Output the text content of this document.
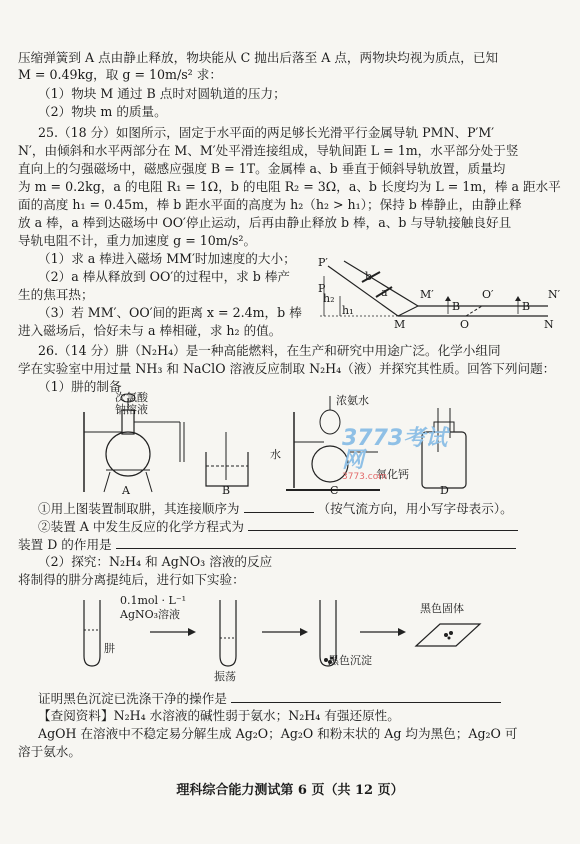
压缩弹簧到 A 点由静止释放，物块能从 C 抛出后落至 A 点，两物块均视为质点，已知
M = 0.49kg，取 g = 10m/s² 求：
（1）物块 M 通过 B 点时对圆轨道的压力；
（2）物块 m 的质量。
25.（18 分）如图所示，固定于水平面的两足够长光滑平行金属导轨 PMN、P′M′
N′，由倾斜和水平两部分在 M、M′处平滑连接组成，导轨间距 L = 1m，水平部分处于竖
直向上的匀强磁场中，磁感应强度 B = 1T。金属棒 a、b 垂直于倾斜导轨放置，质量均
为 m = 0.2kg，a 的电阻 R₁ = 1Ω，b 的电阻 R₂ = 3Ω，a、b 长度均为 L = 1m，棒 a 距水平
面的高度 h₁ = 0.45m，棒 b 距水平面的高度为 h₂（h₂ > h₁）；保持 b 棒静止，由静止释
放 a 棒，a 棒到达磁场中 OO′停止运动，后再由静止释放 b 棒，a、b 与导轨接触良好且
导轨电阻不计，重力加速度 g = 10m/s²。
（1）求 a 棒进入磁场 MM′时加速度的大小；
（2）a 棒从释放到 OO′的过程中，求 b 棒产
生的焦耳热；
（3）若 MM′、OO′间的距离 x = 2.4m，b 棒
进入磁场后，恰好未与 a 棒相碰，求 h₂ 的值。
26.（14 分）肼（N₂H₄）是一种高能燃料，在生产和研究中用途广泛。化学小组同
学在实验室中用过量 NH₃ 和 NaClO 溶液反应制取 N₂H₄（液）并探究其性质。回答下列问题：
（1）肼的制备
P′
P
b
a
h₂
h₁
M′	O′	N′
B	B
M	O	N
次氯酸钠溶液
水
浓氨水
氧化钙
A	B	C	D
①用上图装置制取肼，其连接顺序为	（按气流方向，用小写字母表示）。
②装置 A 中发生反应的化学方程式为
装置 D 的作用是
（2）探究：N₂H₄ 和 AgNO₃ 溶液的反应
将制得的肼分离提纯后，进行如下实验：
0.1mol · L⁻¹
AgNO₃溶液
肼
振荡
黑色沉淀
黑色固体
证明黑色沉淀已洗涤干净的操作是
【查阅资料】N₂H₄ 水溶液的碱性弱于氨水；N₂H₄ 有强还原性。
AgOH 在溶液中不稳定易分解生成 Ag₂O；Ag₂O 和粉末状的 Ag 均为黑色；Ag₂O 可
溶于氨水。
3773考试网
3773.com
理科综合能力测试第 6 页（共 12 页）
